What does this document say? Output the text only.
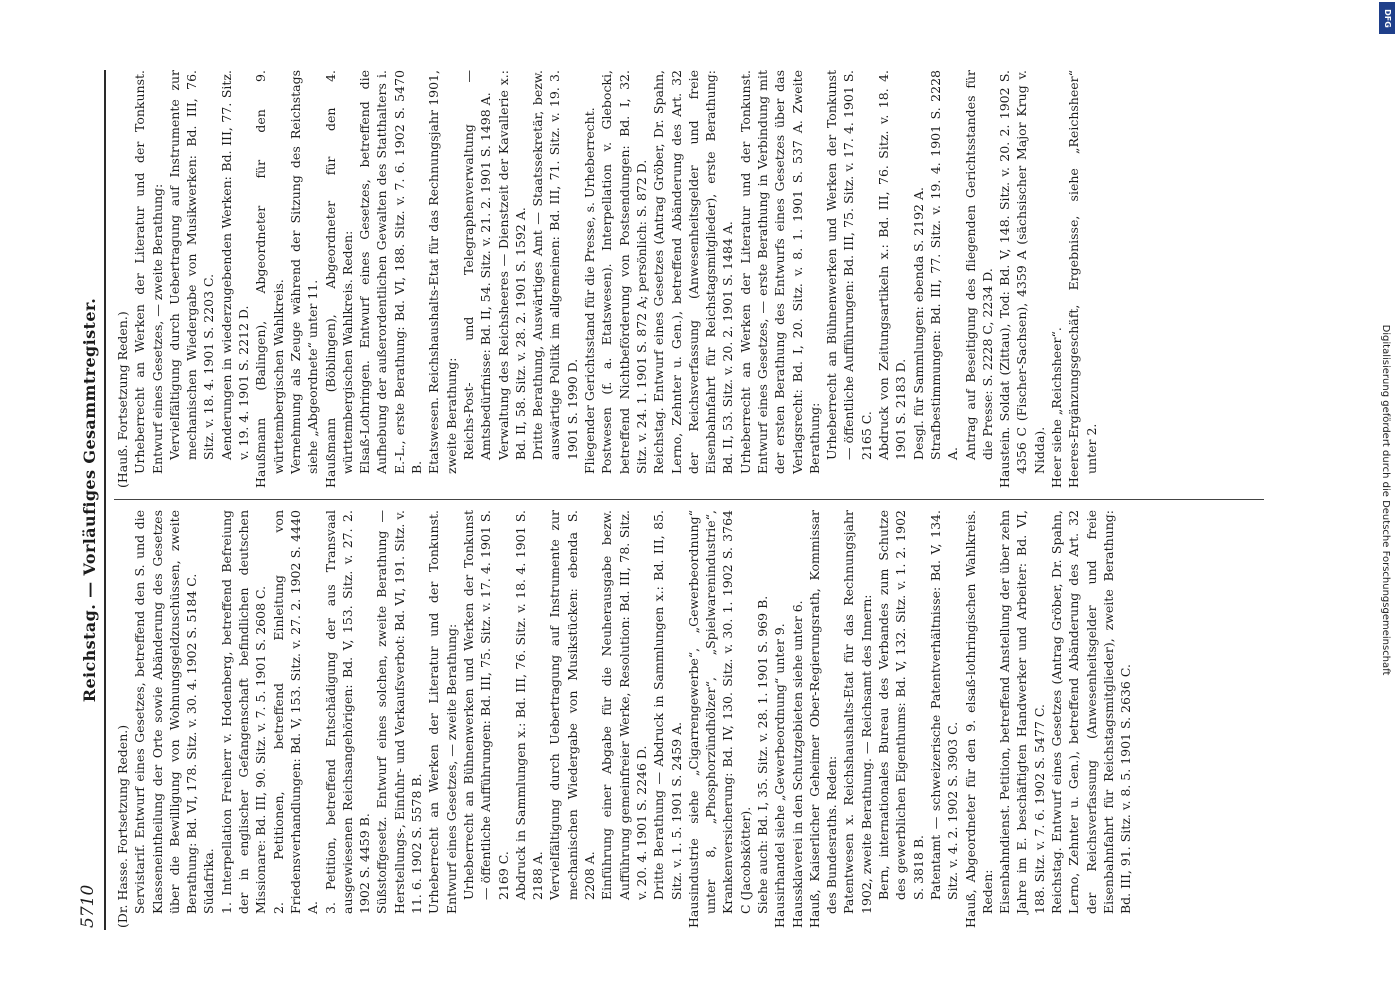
5710
Reichstag. — Vorläufiges Gesammtregister.

(Dr. Hasse. Fortsetzung Reden.) Servistarif. Entwurf eines Gesetzes, betreffend den S. und die Klasseneintheilung der Orte sowie Abänderung des Gesetzes über die Bewilligung von Wohnungsgeldzuschüssen, zweite Berathung: Bd. VI, 178. Sitz. v. 30. 4. 1902 S. 5184 C. Südafrika. 1. Interpellation Freiherr v. Hodenberg, betreffend Befreiung der in englischer Gefangenschaft befindlichen deutschen Missionare: Bd. III, 90. Sitz. v. 7. 5. 1901 S. 2608 C. 2. Petitionen, betreffend Einleitung von Friedensverhandlungen: Bd. V, 153. Sitz. v. 27. 2. 1902 S. 4440 A. 3. Petition, betreffend Entschädigung der aus Transvaal ausgewiesenen Reichsangehörigen: Bd. V, 153. Sitz. v. 27. 2. 1902 S. 4459 B. Süßstoffgesetz. Entwurf eines solchen, zweite Berathung — Herstellungs-, Einfuhr- und Verkaufsverbot: Bd. VI, 191. Sitz. v. 11. 6. 1902 S. 5578 B. Urheberrecht an Werken der Literatur und der Tonkunst. Entwurf eines Gesetzes, — zweite Berathung: Urheberrecht an Bühnenwerken und Werken der Tonkunst — öffentliche Aufführungen: Bd. III, 75. Sitz. v. 17. 4. 1901 S. 2169 C. Abdruck in Sammlungen x.: Bd. III, 76. Sitz. v. 18. 4. 1901 S. 2188 A. Vervielfältigung durch Uebertragung auf Instrumente zur mechanischen Wiedergabe von Musikstücken: ebenda S. 2208 A. Einführung einer Abgabe für die Neuherausgabe bezw. Aufführung gemeinfreier Werke, Resolution: Bd. III, 78. Sitz. v. 20. 4. 1901 S. 2246 D. Dritte Berathung — Abdruck in Sammlungen x.: Bd. III, 85. Sitz. v. 1. 5. 1901 S. 2459 A. Hausindustrie siehe „Cigarrengewerbe“, „Gewerbeordnung“ unter 8, „Phosphorzündhölzer“, „Spielwarenindustrie“, Krankenversicherung: Bd. IV, 130. Sitz. v. 30. 1. 1902 S. 3764 C (Jacobskötter). Siehe auch: Bd. I, 35. Sitz. v. 28. 1. 1901 S. 969 B. Hausirhandel siehe „Gewerbeordnung“ unter 9. Haussklaverei in den Schutzgebieten siehe unter 6. Hauß, Kaiserlicher Geheimer Ober-Regierungsrath, Kommissar des Bundesraths. Reden: Patentwesen x. Reichshaushalts-Etat für das Rechnungsjahr 1902, zweite Berathung. — Reichsamt des Innern: Bern, internationales Bureau des Verbandes zum Schutze des gewerblichen Eigenthums: Bd. V, 132. Sitz. v. 1. 2. 1902 S. 3818 B. Patentamt — schweizerische Patentverhältnisse: Bd. V, 134. Sitz. v. 4. 2. 1902 S. 3903 C. Hauß, Abgeordneter für den 9. elsaß-lothringischen Wahlkreis. Reden: Eisenbahndienst. Petition, betreffend Anstellung der über zehn Jahre im E. beschäftigten Handwerker und Arbeiter: Bd. VI, 188. Sitz. v. 7. 6. 1902 S. 5477 C. Reichstag. Entwurf eines Gesetzes (Antrag Gröber, Dr. Spahn, Lerno, Zehnter u. Gen.), betreffend Abänderung des Art. 32 der Reichsverfassung (Anwesenheitsgelder und freie Eisenbahnfahrt für Reichstagsmitglieder), zweite Berathung: Bd. III, 91. Sitz. v. 8. 5. 1901 S. 2636 C.

(Hauß. Fortsetzung Reden.) Urheberrecht an Werken der Literatur und der Tonkunst. Entwurf eines Gesetzes, — zweite Berathung: Vervielfältigung durch Uebertragung auf Instrumente zur mechanischen Wiedergabe von Musikwerken: Bd. III, 76. Sitz. v. 18. 4. 1901 S. 2203 C. Aenderungen in wiederzugebenden Werken: Bd. III, 77. Sitz. v. 19. 4. 1901 S. 2212 D. Haußmann (Balingen), Abgeordneter für den 9. württembergischen Wahlkreis. Vernehmung als Zeuge während der Sitzung des Reichstags siehe „Abgeordnete“ unter 11. Haußmann (Böblingen), Abgeordneter für den 4. württembergischen Wahlkreis. Reden: Elsaß-Lothringen. Entwurf eines Gesetzes, betreffend die Aufhebung der außerordentlichen Gewalten des Statthalters i. E.-L., erste Berathung: Bd. VI, 188. Sitz. v. 7. 6. 1902 S. 5470 B. Etatswesen. Reichshaushalts-Etat für das Rechnungsjahr 1901, zweite Berathung: Reichs-Post- und Telegraphenverwaltung — Amtsbedürfnisse: Bd. II, 54. Sitz. v. 21. 2. 1901 S. 1498 A. Verwaltung des Reichsheeres — Dienstzeit der Kavallerie x.: Bd. II, 58. Sitz. v. 28. 2. 1901 S. 1592 A. Dritte Berathung, Auswärtiges Amt — Staatssekretär, bezw. auswärtige Politik im allgemeinen: Bd. III, 71. Sitz. v. 19. 3. 1901 S. 1990 D. Fliegender Gerichtsstand für die Presse, s. Urheberrecht. Postwesen (f. a. Etatswesen). Interpellation v. Glebocki, betreffend Nichtbeförderung von Postsendungen: Bd. I, 32. Sitz. v. 24. 1. 1901 S. 872 A; persönlich: S. 872 D. Reichstag. Entwurf eines Gesetzes (Antrag Gröber, Dr. Spahn, Lerno, Zehnter u. Gen.), betreffend Abänderung des Art. 32 der Reichsverfassung (Anwesenheitsgelder und freie Eisenbahnfahrt für Reichstagsmitglieder), erste Berathung: Bd. II, 53. Sitz. v. 20. 2. 1901 S. 1484 A. Urheberrecht an Werken der Literatur und der Tonkunst. Entwurf eines Gesetzes, — erste Berathung in Verbindung mit der ersten Berathung des Entwurfs eines Gesetzes über das Verlagsrecht: Bd. I, 20. Sitz. v. 8. 1. 1901 S. 537 A. Zweite Berathung: Urheberrecht an Bühnenwerken und Werken der Tonkunst — öffentliche Aufführungen: Bd. III, 75. Sitz. v. 17. 4. 1901 S. 2165 C. Abdruck von Zeitungsartikeln x.: Bd. III, 76. Sitz. v. 18. 4. 1901 S. 2183 D. Desgl. für Sammlungen: ebenda S. 2192 A. Strafbestimmungen: Bd. III, 77. Sitz. v. 19. 4. 1901 S. 2228 A. Antrag auf Beseitigung des fliegenden Gerichtsstandes für die Presse: S. 2228 C, 2234 D. Haustein. Soldat (Zittau), Tod: Bd. V, 148. Sitz. v. 20. 2. 1902 S. 4356 C (Fischer-Sachsen), 4359 A (sächsischer Major Krug v. Nidda). Heer siehe „Reichsheer“. Heeres-Ergänzungsgeschäft, Ergebnisse, siehe „Reichsheer“ unter 2.	Digitalisierung gefördert durch die Deutsche Forschungsgemeinschaft
DFG
